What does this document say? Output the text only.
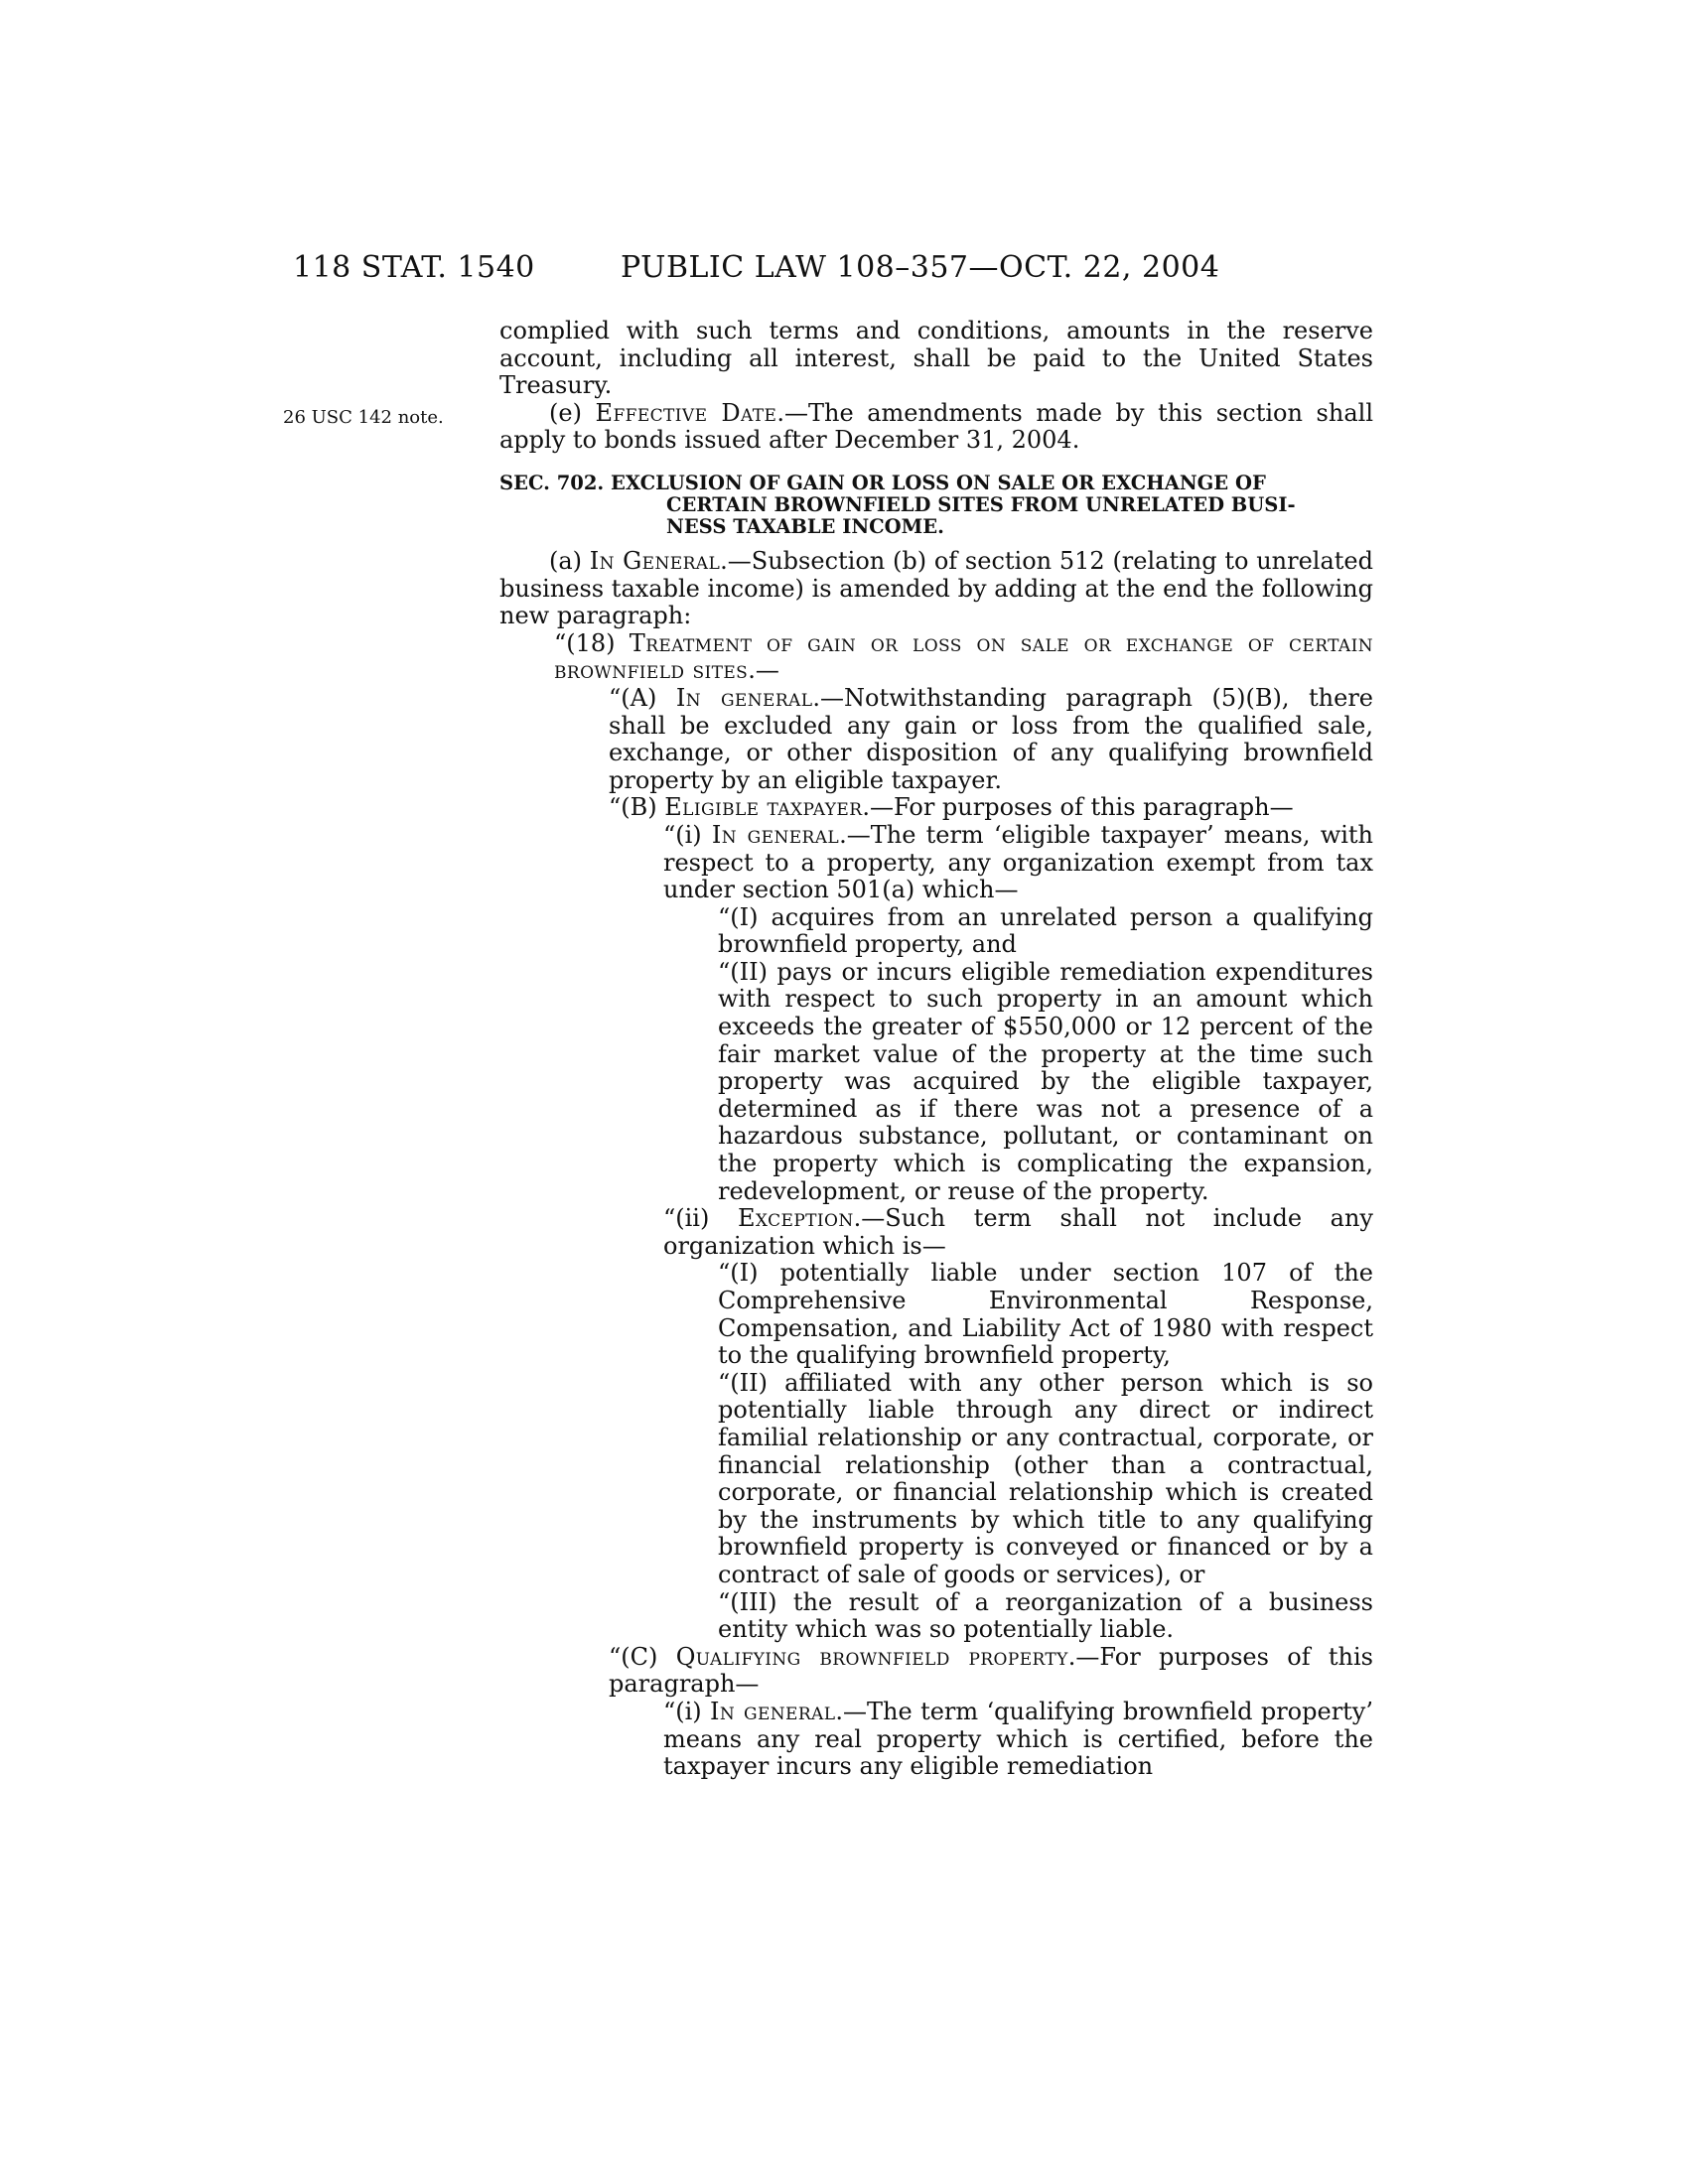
118 STAT. 1540	PUBLIC LAW 108–357—OCT. 22, 2004
26 USC 142 note.

complied with such terms and conditions, amounts in the reserve account, including all interest, shall be paid to the United States Treasury.

(e) Effective Date.—The amendments made by this section shall apply to bonds issued after December 31, 2004.

SEC. 702. EXCLUSION OF GAIN OR LOSS ON SALE OR EXCHANGE OF
CERTAIN BROWNFIELD SITES FROM UNRELATED BUSI-
NESS TAXABLE INCOME.

(a) In General.—Subsection (b) of section 512 (relating to unrelated business taxable income) is amended by adding at the end the following new paragraph:

“(18) Treatment of gain or loss on sale or exchange of certain brownfield sites.—

“(A) In general.—Notwithstanding paragraph (5)(B), there shall be excluded any gain or loss from the qualified sale, exchange, or other disposition of any qualifying brownfield property by an eligible taxpayer.

“(B) Eligible taxpayer.—For purposes of this paragraph—

“(i) In general.—The term ‘eligible taxpayer’ means, with respect to a property, any organization exempt from tax under section 501(a) which—

“(I) acquires from an unrelated person a qualifying brownfield property, and

“(II) pays or incurs eligible remediation expenditures with respect to such property in an amount which exceeds the greater of $550,000 or 12 percent of the fair market value of the property at the time such property was acquired by the eligible taxpayer, determined as if there was not a presence of a hazardous substance, pollutant, or contaminant on the property which is complicating the expansion, redevelopment, or reuse of the property.

“(ii) Exception.—Such term shall not include any organization which is—

“(I) potentially liable under section 107 of the Comprehensive Environmental Response, Compensation, and Liability Act of 1980 with respect to the qualifying brownfield property,

“(II) affiliated with any other person which is so potentially liable through any direct or indirect familial relationship or any contractual, corporate, or financial relationship (other than a contractual, corporate, or financial relationship which is created by the instruments by which title to any qualifying brownfield property is conveyed or financed or by a contract of sale of goods or services), or

“(III) the result of a reorganization of a business entity which was so potentially liable.

“(C) Qualifying brownfield property.—For purposes of this paragraph—

“(i) In general.—The term ‘qualifying brownfield property’ means any real property which is certified, before the taxpayer incurs any eligible remediation
